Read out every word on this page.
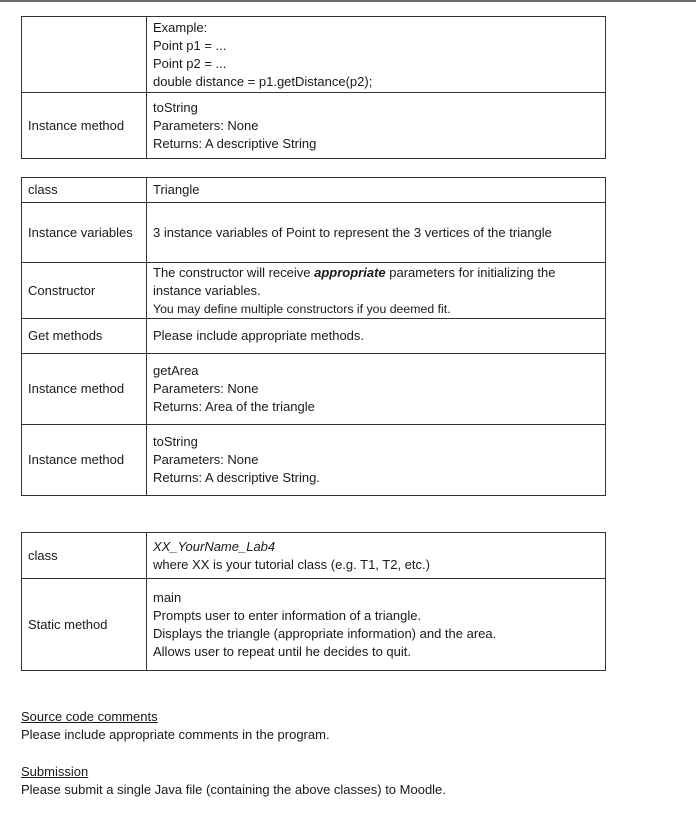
	Example:
Point p1 = ...
Point p2 = ...
double distance = p1.getDistance(p2);

Instance method	toString
Parameters: None
Returns: A descriptive String
class	Triangle
Instance variables	3 instance variables of Point to represent the 3 vertices of the triangle
Constructor	The constructor will receive appropriate parameters for initializing the
instance variables.
You may define multiple constructors if you deemed fit.

Get methods	Please include appropriate methods.
Instance method	getArea
Parameters: None
Returns: Area of the triangle

Instance method	toString
Parameters: None
Returns: A descriptive String.
class	XX_YourName_Lab4
where XX is your tutorial class (e.g. T1, T2, etc.)

Static method	main
Prompts user to enter information of a triangle.
Displays the triangle (appropriate information) and the area.
Allows user to repeat until he decides to quit.
Source code comments
Please include appropriate comments in the program.
Submission
Please submit a single Java file (containing the above classes) to Moodle.
